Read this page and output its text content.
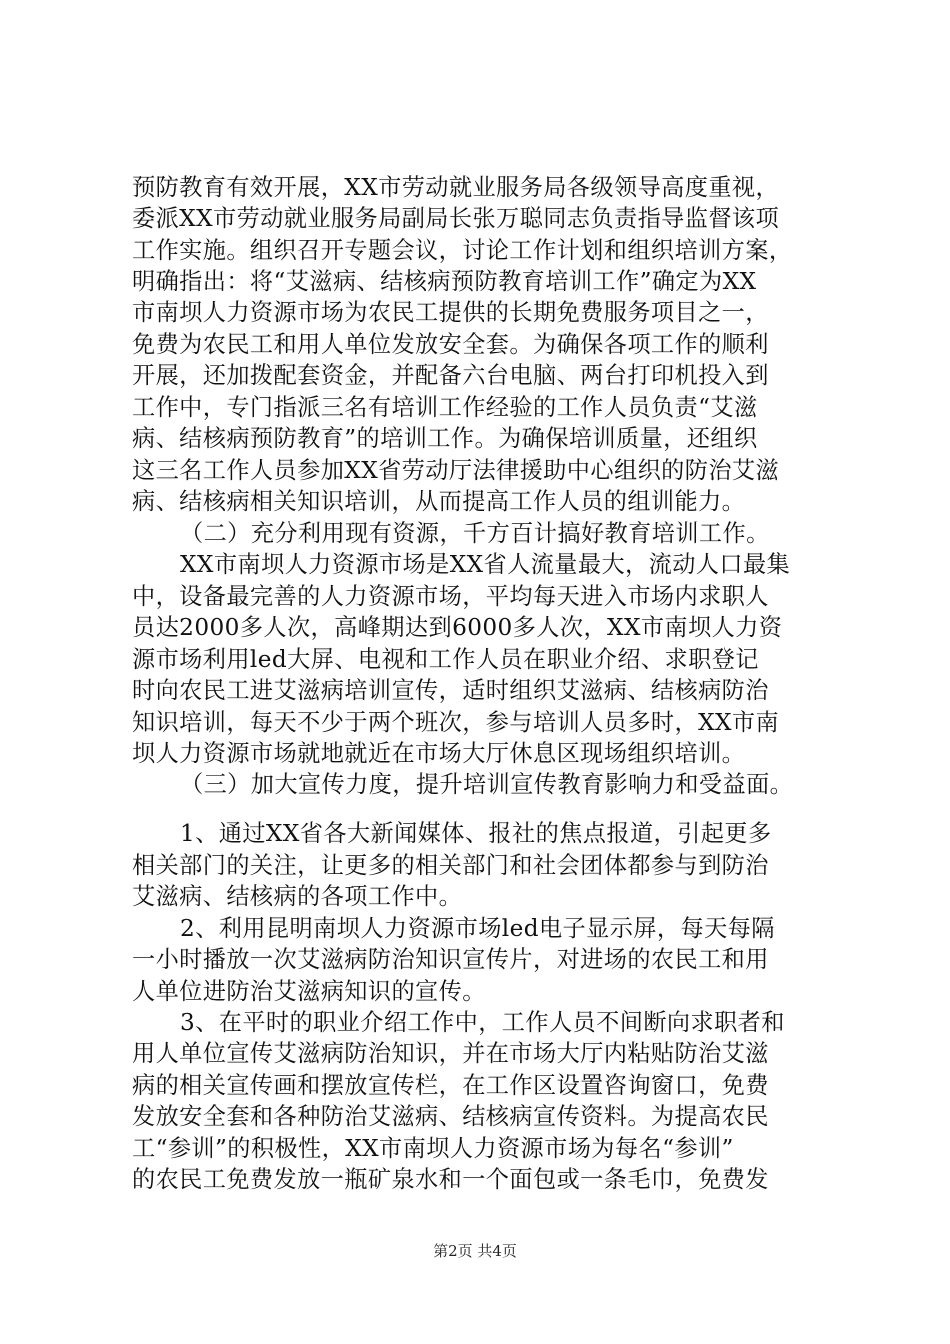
预防教育有效开展，XX市劳动就业服务局各级领导高度重视，
委派XX市劳动就业服务局副局长张万聪同志负责指导监督该项
工作实施。组织召开专题会议，讨论工作计划和组织培训方案，
明确指出：将“艾滋病、结核病预防教育培训工作”确定为XX
市南坝人力资源市场为农民工提供的长期免费服务项目之一，
免费为农民工和用人单位发放安全套。为确保各项工作的顺利
开展，还加拨配套资金，并配备六台电脑、两台打印机投入到
工作中，专门指派三名有培训工作经验的工作人员负责“艾滋
病、结核病预防教育”的培训工作。为确保培训质量，还组织
这三名工作人员参加XX省劳动厅法律援助中心组织的防治艾滋
病、结核病相关知识培训，从而提高工作人员的组训能力。
（二）充分利用现有资源，千方百计搞好教育培训工作。
XX市南坝人力资源市场是XX省人流量最大，流动人口最集
中，设备最完善的人力资源市场，平均每天进入市场内求职人
员达2000多人次，高峰期达到6000多人次，XX市南坝人力资
源市场利用led大屏、电视和工作人员在职业介绍、求职登记
时向农民工进艾滋病培训宣传，适时组织艾滋病、结核病防治
知识培训，每天不少于两个班次，参与培训人员多时，XX市南
坝人力资源市场就地就近在市场大厅休息区现场组织培训。
（三）加大宣传力度，提升培训宣传教育影响力和受益面。
1、通过XX省各大新闻媒体、报社的焦点报道，引起更多
相关部门的关注，让更多的相关部门和社会团体都参与到防治
艾滋病、结核病的各项工作中。
2、利用昆明南坝人力资源市场led电子显示屏，每天每隔
一小时播放一次艾滋病防治知识宣传片，对进场的农民工和用
人单位进防治艾滋病知识的宣传。
3、在平时的职业介绍工作中，工作人员不间断向求职者和
用人单位宣传艾滋病防治知识，并在市场大厅内粘贴防治艾滋
病的相关宣传画和摆放宣传栏，在工作区设置咨询窗口，免费
发放安全套和各种防治艾滋病、结核病宣传资料。为提高农民
工“参训”的积极性，XX市南坝人力资源市场为每名“参训”
的农民工免费发放一瓶矿泉水和一个面包或一条毛巾，免费发
第2页 共4页
